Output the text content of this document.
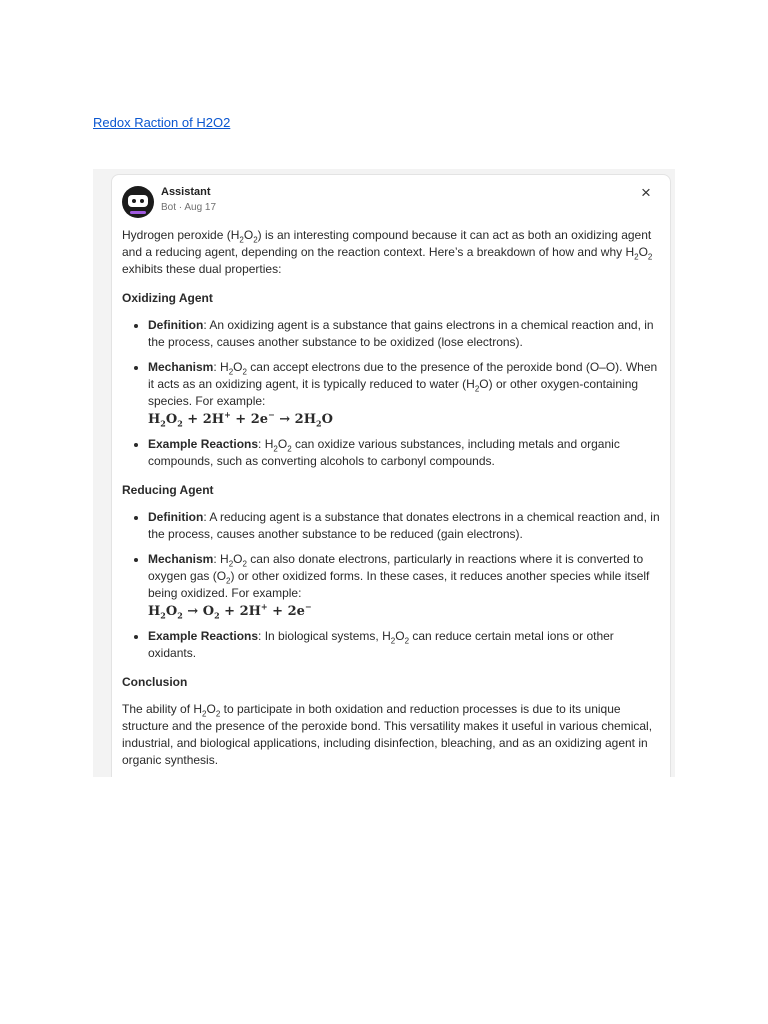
Redox Raction of H2O2
Assistant
Bot · Aug 17
×

Hydrogen peroxide $(H_2O_2)$ is an interesting compound because it can act as both an oxidizing agent and a reducing agent, depending on the reaction context. Here’s a breakdown of how and why $H_2O_2$ exhibits these dual properties:

Oxidizing Agent
• Definition: An oxidizing agent is a substance that gains electrons in a chemical reaction and, in the process, causes another substance to be oxidized (lose electrons).
• Mechanism: $H_2O_2$ can accept electrons due to the presence of the peroxide bond (O–O). When it acts as an oxidizing agent, it is typically reduced to water $(H_2O)$ or other oxygen-containing species. For example:
$H_2O_2 + 2H^+ + 2e^- \to 2H_2O$
• Example Reactions: $H_2O_2$ can oxidize various substances, including metals and organic compounds, such as converting alcohols to carbonyl compounds.
Reducing Agent
• Definition: A reducing agent is a substance that donates electrons in a chemical reaction and, in the process, causes another substance to be reduced (gain electrons).
• Mechanism: $H_2O_2$ can also donate electrons, particularly in reactions where it is converted to oxygen gas $(O_2)$ or other oxidized forms. In these cases, it reduces another species while itself being oxidized. For example:
$H_2O_2 \to O_2 + 2H^+ + 2e^-$
• Example Reactions: In biological systems, $H_2O_2$ can reduce certain metal ions or other oxidants.
Conclusion

The ability of $H_2O_2$ to participate in both oxidation and reduction processes is due to its unique structure and the presence of the peroxide bond. This versatility makes it useful in various chemical, industrial, and biological applications, including disinfection, bleaching, and as an oxidizing agent in organic synthesis.
